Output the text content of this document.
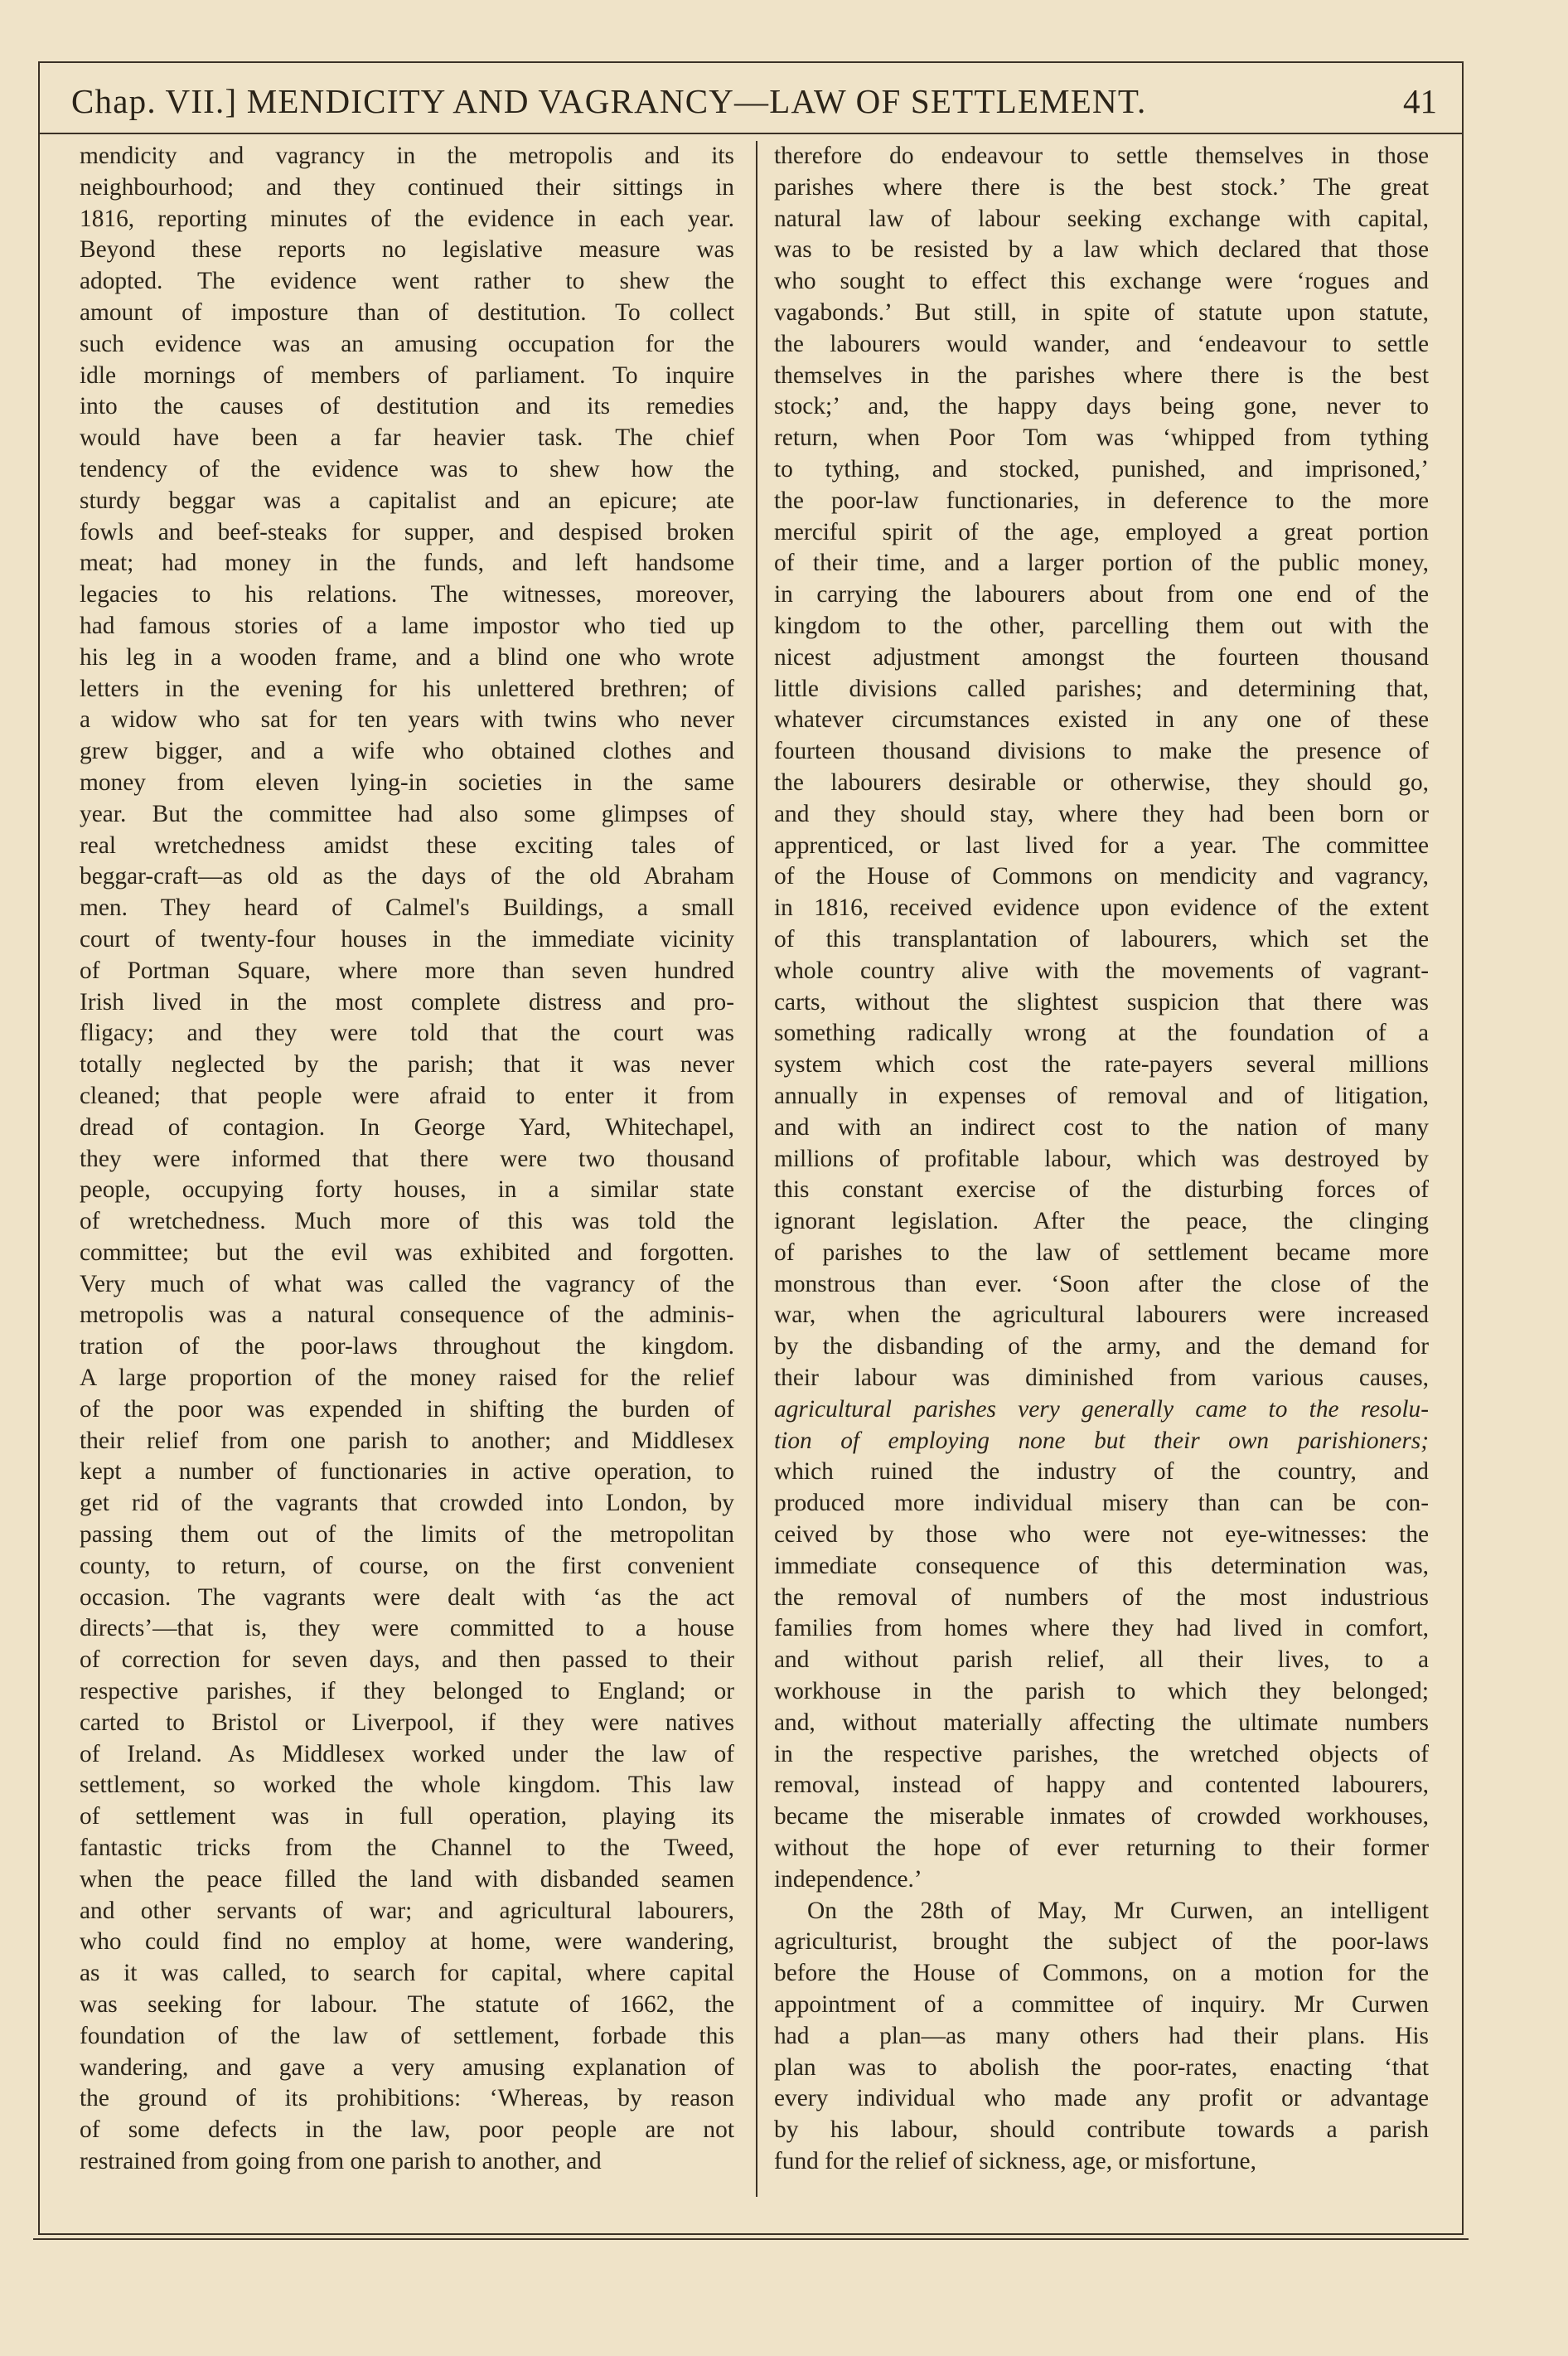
Chap. VII.] MENDICITY AND VAGRANCY—LAW OF SETTLEMENT.	41
mendicity and vagrancy in the metropolis and its
neighbourhood; and they continued their sittings in
1816, reporting minutes of the evidence in each year.
Beyond these reports no legislative measure was
adopted. The evidence went rather to shew the
amount of imposture than of destitution. To collect
such evidence was an amusing occupation for the
idle mornings of members of parliament. To inquire
into the causes of destitution and its remedies
would have been a far heavier task. The chief
tendency of the evidence was to shew how the
sturdy beggar was a capitalist and an epicure; ate
fowls and beef-steaks for supper, and despised broken
meat; had money in the funds, and left handsome
legacies to his relations. The witnesses, moreover,
had famous stories of a lame impostor who tied up
his leg in a wooden frame, and a blind one who wrote
letters in the evening for his unlettered brethren; of
a widow who sat for ten years with twins who never
grew bigger, and a wife who obtained clothes and
money from eleven lying-in societies in the same
year. But the committee had also some glimpses of
real wretchedness amidst these exciting tales of
beggar-craft—as old as the days of the old Abraham
men. They heard of Calmel's Buildings, a small
court of twenty-four houses in the immediate vicinity
of Portman Square, where more than seven hundred
Irish lived in the most complete distress and pro-
fligacy; and they were told that the court was
totally neglected by the parish; that it was never
cleaned; that people were afraid to enter it from
dread of contagion. In George Yard, Whitechapel,
they were informed that there were two thousand
people, occupying forty houses, in a similar state
of wretchedness. Much more of this was told the
committee; but the evil was exhibited and forgotten.
Very much of what was called the vagrancy of the
metropolis was a natural consequence of the adminis-
tration of the poor-laws throughout the kingdom.
A large proportion of the money raised for the relief
of the poor was expended in shifting the burden of
their relief from one parish to another; and Middlesex
kept a number of functionaries in active operation, to
get rid of the vagrants that crowded into London, by
passing them out of the limits of the metropolitan
county, to return, of course, on the first convenient
occasion. The vagrants were dealt with ‘as the act
directs’—that is, they were committed to a house
of correction for seven days, and then passed to their
respective parishes, if they belonged to England; or
carted to Bristol or Liverpool, if they were natives
of Ireland. As Middlesex worked under the law of
settlement, so worked the whole kingdom. This law
of settlement was in full operation, playing its
fantastic tricks from the Channel to the Tweed,
when the peace filled the land with disbanded seamen
and other servants of war; and agricultural labourers,
who could find no employ at home, were wandering,
as it was called, to search for capital, where capital
was seeking for labour. The statute of 1662, the
foundation of the law of settlement, forbade this
wandering, and gave a very amusing explanation of
the ground of its prohibitions: ‘Whereas, by reason
of some defects in the law, poor people are not
restrained from going from one parish to another, and
therefore do endeavour to settle themselves in those
parishes where there is the best stock.’ The great
natural law of labour seeking exchange with capital,
was to be resisted by a law which declared that those
who sought to effect this exchange were ‘rogues and
vagabonds.’ But still, in spite of statute upon statute,
the labourers would wander, and ‘endeavour to settle
themselves in the parishes where there is the best
stock;’ and, the happy days being gone, never to
return, when Poor Tom was ‘whipped from tything
to tything, and stocked, punished, and imprisoned,’
the poor-law functionaries, in deference to the more
merciful spirit of the age, employed a great portion
of their time, and a larger portion of the public money,
in carrying the labourers about from one end of the
kingdom to the other, parcelling them out with the
nicest adjustment amongst the fourteen thousand
little divisions called parishes; and determining that,
whatever circumstances existed in any one of these
fourteen thousand divisions to make the presence of
the labourers desirable or otherwise, they should go,
and they should stay, where they had been born or
apprenticed, or last lived for a year. The committee
of the House of Commons on mendicity and vagrancy,
in 1816, received evidence upon evidence of the extent
of this transplantation of labourers, which set the
whole country alive with the movements of vagrant-
carts, without the slightest suspicion that there was
something radically wrong at the foundation of a
system which cost the rate-payers several millions
annually in expenses of removal and of litigation,
and with an indirect cost to the nation of many
millions of profitable labour, which was destroyed by
this constant exercise of the disturbing forces of
ignorant legislation. After the peace, the clinging
of parishes to the law of settlement became more
monstrous than ever. ‘Soon after the close of the
war, when the agricultural labourers were increased
by the disbanding of the army, and the demand for
their labour was diminished from various causes,
agricultural parishes very generally came to the resolu-
tion of employing none but their own parishioners;
which ruined the industry of the country, and
produced more individual misery than can be con-
ceived by those who were not eye-witnesses: the
immediate consequence of this determination was,
the removal of numbers of the most industrious
families from homes where they had lived in comfort,
and without parish relief, all their lives, to a
workhouse in the parish to which they belonged;
and, without materially affecting the ultimate numbers
in the respective parishes, the wretched objects of
removal, instead of happy and contented labourers,
became the miserable inmates of crowded workhouses,
without the hope of ever returning to their former
independence.’
On the 28th of May, Mr Curwen, an intelligent
agriculturist, brought the subject of the poor-laws
before the House of Commons, on a motion for the
appointment of a committee of inquiry. Mr Curwen
had a plan—as many others had their plans. His
plan was to abolish the poor-rates, enacting ‘that
every individual who made any profit or advantage
by his labour, should contribute towards a parish
fund for the relief of sickness, age, or misfortune,
